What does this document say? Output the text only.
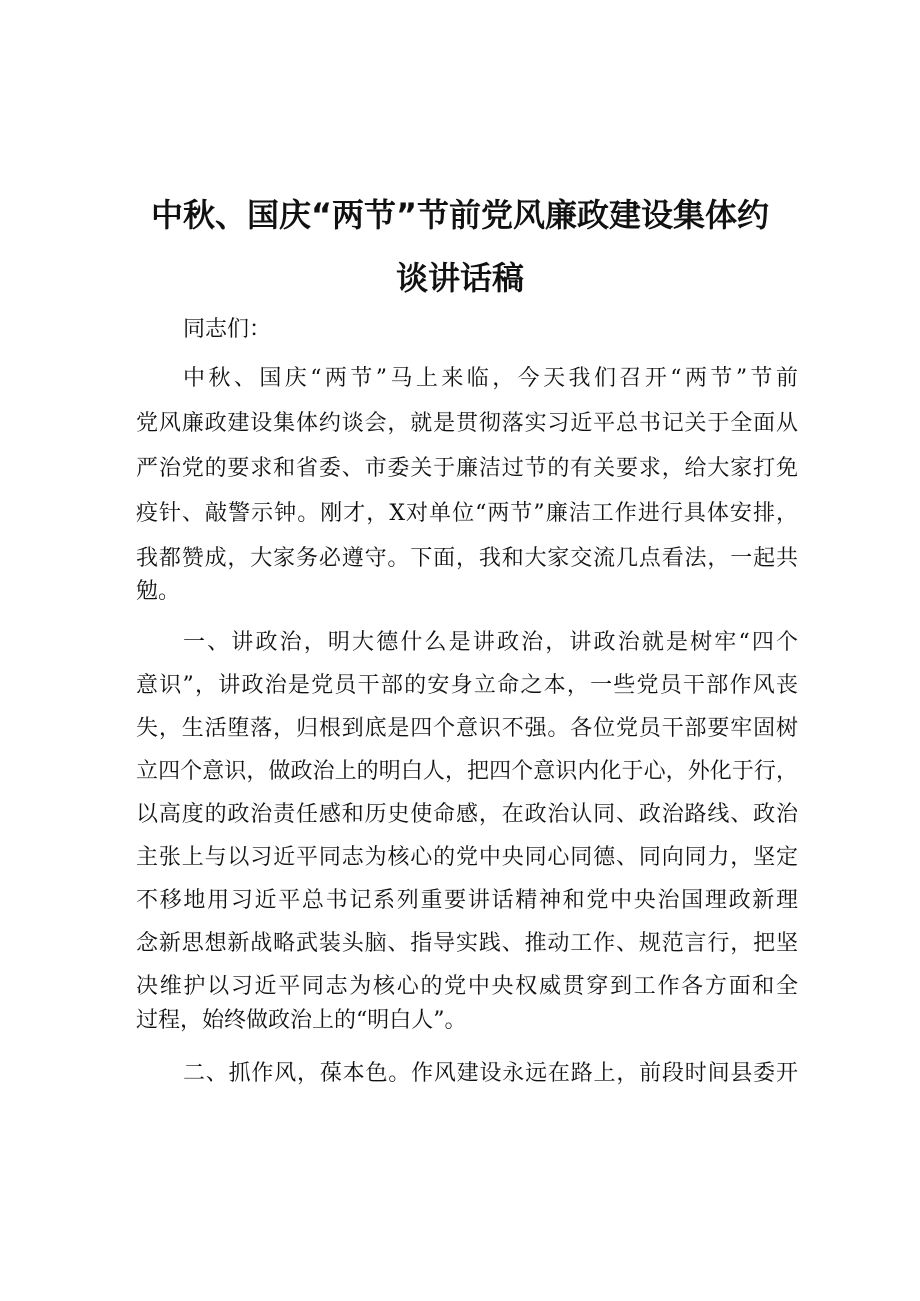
中秋、国庆“两节”节前党风廉政建设集体约
谈讲话稿
同志们：
中秋、国庆“两节”马上来临，今天我们召开“两节”节前
党风廉政建设集体约谈会，就是贯彻落实习近平总书记关于全面从
严治党的要求和省委、市委关于廉洁过节的有关要求，给大家打免
疫针、敲警示钟。刚才，X对单位“两节”廉洁工作进行具体安排，
我都赞成，大家务必遵守。下面，我和大家交流几点看法，一起共
勉。
一、讲政治，明大德什么是讲政治，讲政治就是树牢“四个
意识”，讲政治是党员干部的安身立命之本，一些党员干部作风丧
失，生活堕落，归根到底是四个意识不强。各位党员干部要牢固树
立四个意识，做政治上的明白人，把四个意识内化于心，外化于行，
以高度的政治责任感和历史使命感，在政治认同、政治路线、政治
主张上与以习近平同志为核心的党中央同心同德、同向同力，坚定
不移地用习近平总书记系列重要讲话精神和党中央治国理政新理
念新思想新战略武装头脑、指导实践、推动工作、规范言行，把坚
决维护以习近平同志为核心的党中央权威贯穿到工作各方面和全
过程，始终做政治上的“明白人”。
二、抓作风，葆本色。作风建设永远在路上，前段时间县委开
